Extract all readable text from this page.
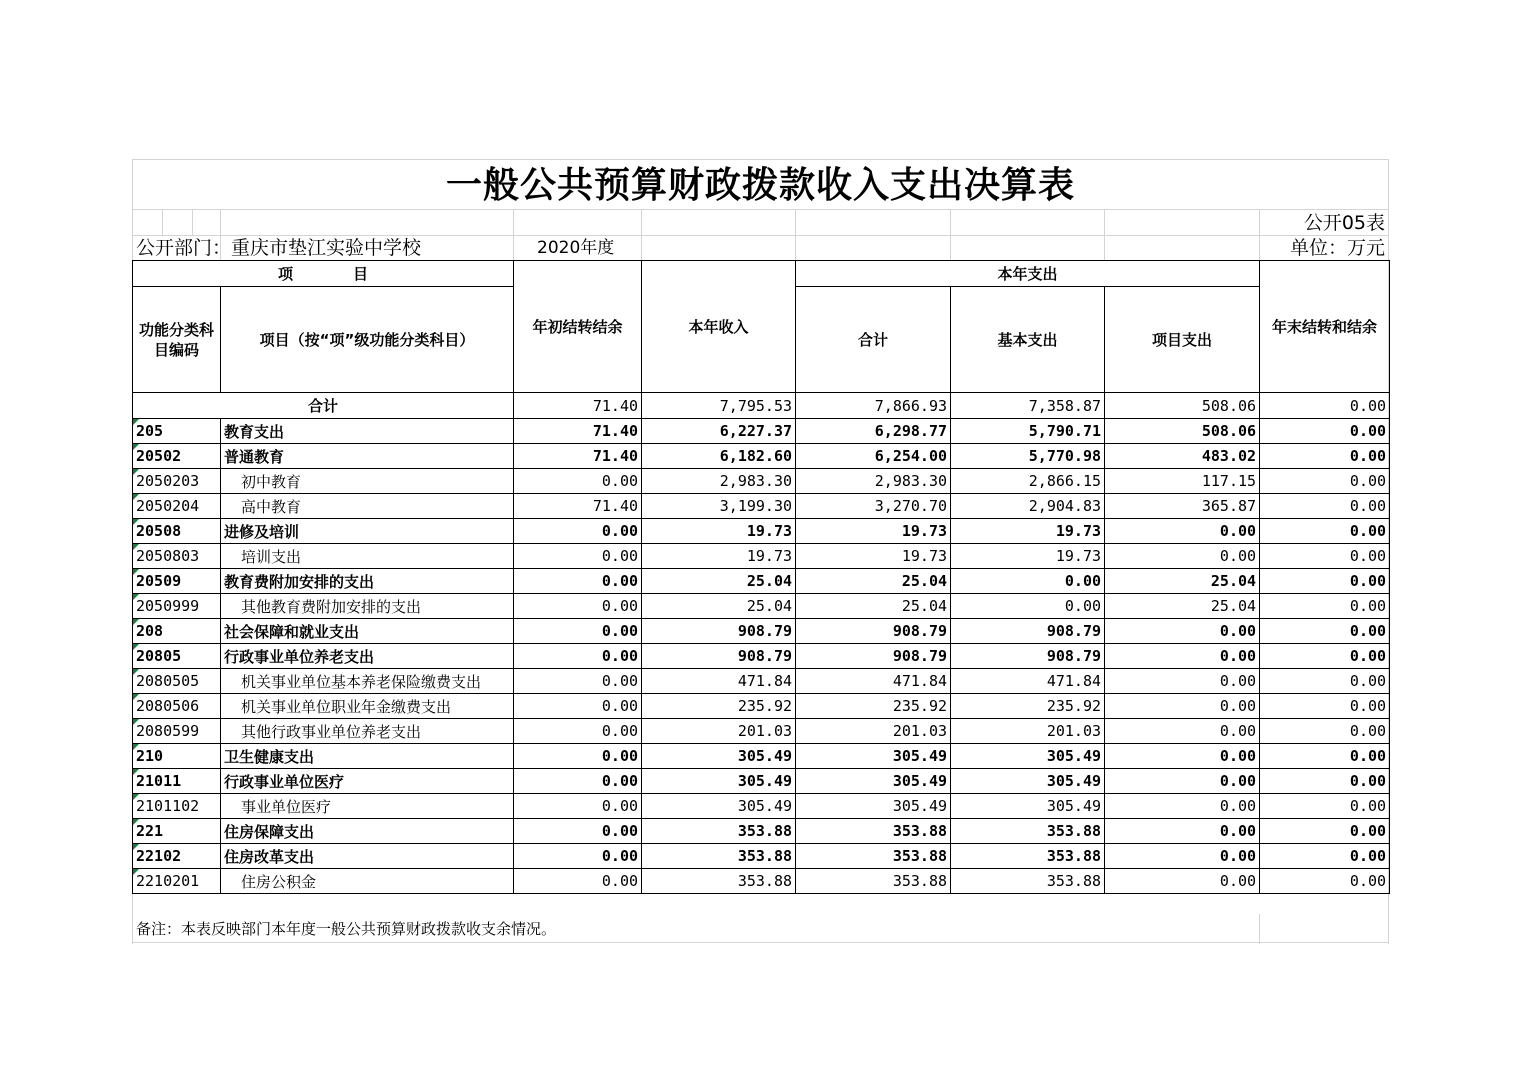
一般公共预算财政拨款收入支出决算表
公开05表
公开部门：重庆市垫江实验中学校	2020年度	单位：万元
项　　　　目		年初结转结余	本年收入	本年支出			年末结转和结余
功能分类科目编码	项目（按“项”级功能分类科目）			合计	基本支出	项目支出	
合计		71.40	7,795.53	7,866.93	7,358.87	508.06	0.00
205	教育支出	71.40	6,227.37	6,298.77	5,790.71	508.06	0.00
20502	普通教育	71.40	6,182.60	6,254.00	5,770.98	483.02	0.00
2050203	初中教育	0.00	2,983.30	2,983.30	2,866.15	117.15	0.00
2050204	高中教育	71.40	3,199.30	3,270.70	2,904.83	365.87	0.00
20508	进修及培训	0.00	19.73	19.73	19.73	0.00	0.00
2050803	培训支出	0.00	19.73	19.73	19.73	0.00	0.00
20509	教育费附加安排的支出	0.00	25.04	25.04	0.00	25.04	0.00
2050999	其他教育费附加安排的支出	0.00	25.04	25.04	0.00	25.04	0.00
208	社会保障和就业支出	0.00	908.79	908.79	908.79	0.00	0.00
20805	行政事业单位养老支出	0.00	908.79	908.79	908.79	0.00	0.00
2080505	机关事业单位基本养老保险缴费支出	0.00	471.84	471.84	471.84	0.00	0.00
2080506	机关事业单位职业年金缴费支出	0.00	235.92	235.92	235.92	0.00	0.00
2080599	其他行政事业单位养老支出	0.00	201.03	201.03	201.03	0.00	0.00
210	卫生健康支出	0.00	305.49	305.49	305.49	0.00	0.00
21011	行政事业单位医疗	0.00	305.49	305.49	305.49	0.00	0.00
2101102	事业单位医疗	0.00	305.49	305.49	305.49	0.00	0.00
221	住房保障支出	0.00	353.88	353.88	353.88	0.00	0.00
22102	住房改革支出	0.00	353.88	353.88	353.88	0.00	0.00
2210201	住房公积金	0.00	353.88	353.88	353.88	0.00	0.00
备注：本表反映部门本年度一般公共预算财政拨款收支余情况。
